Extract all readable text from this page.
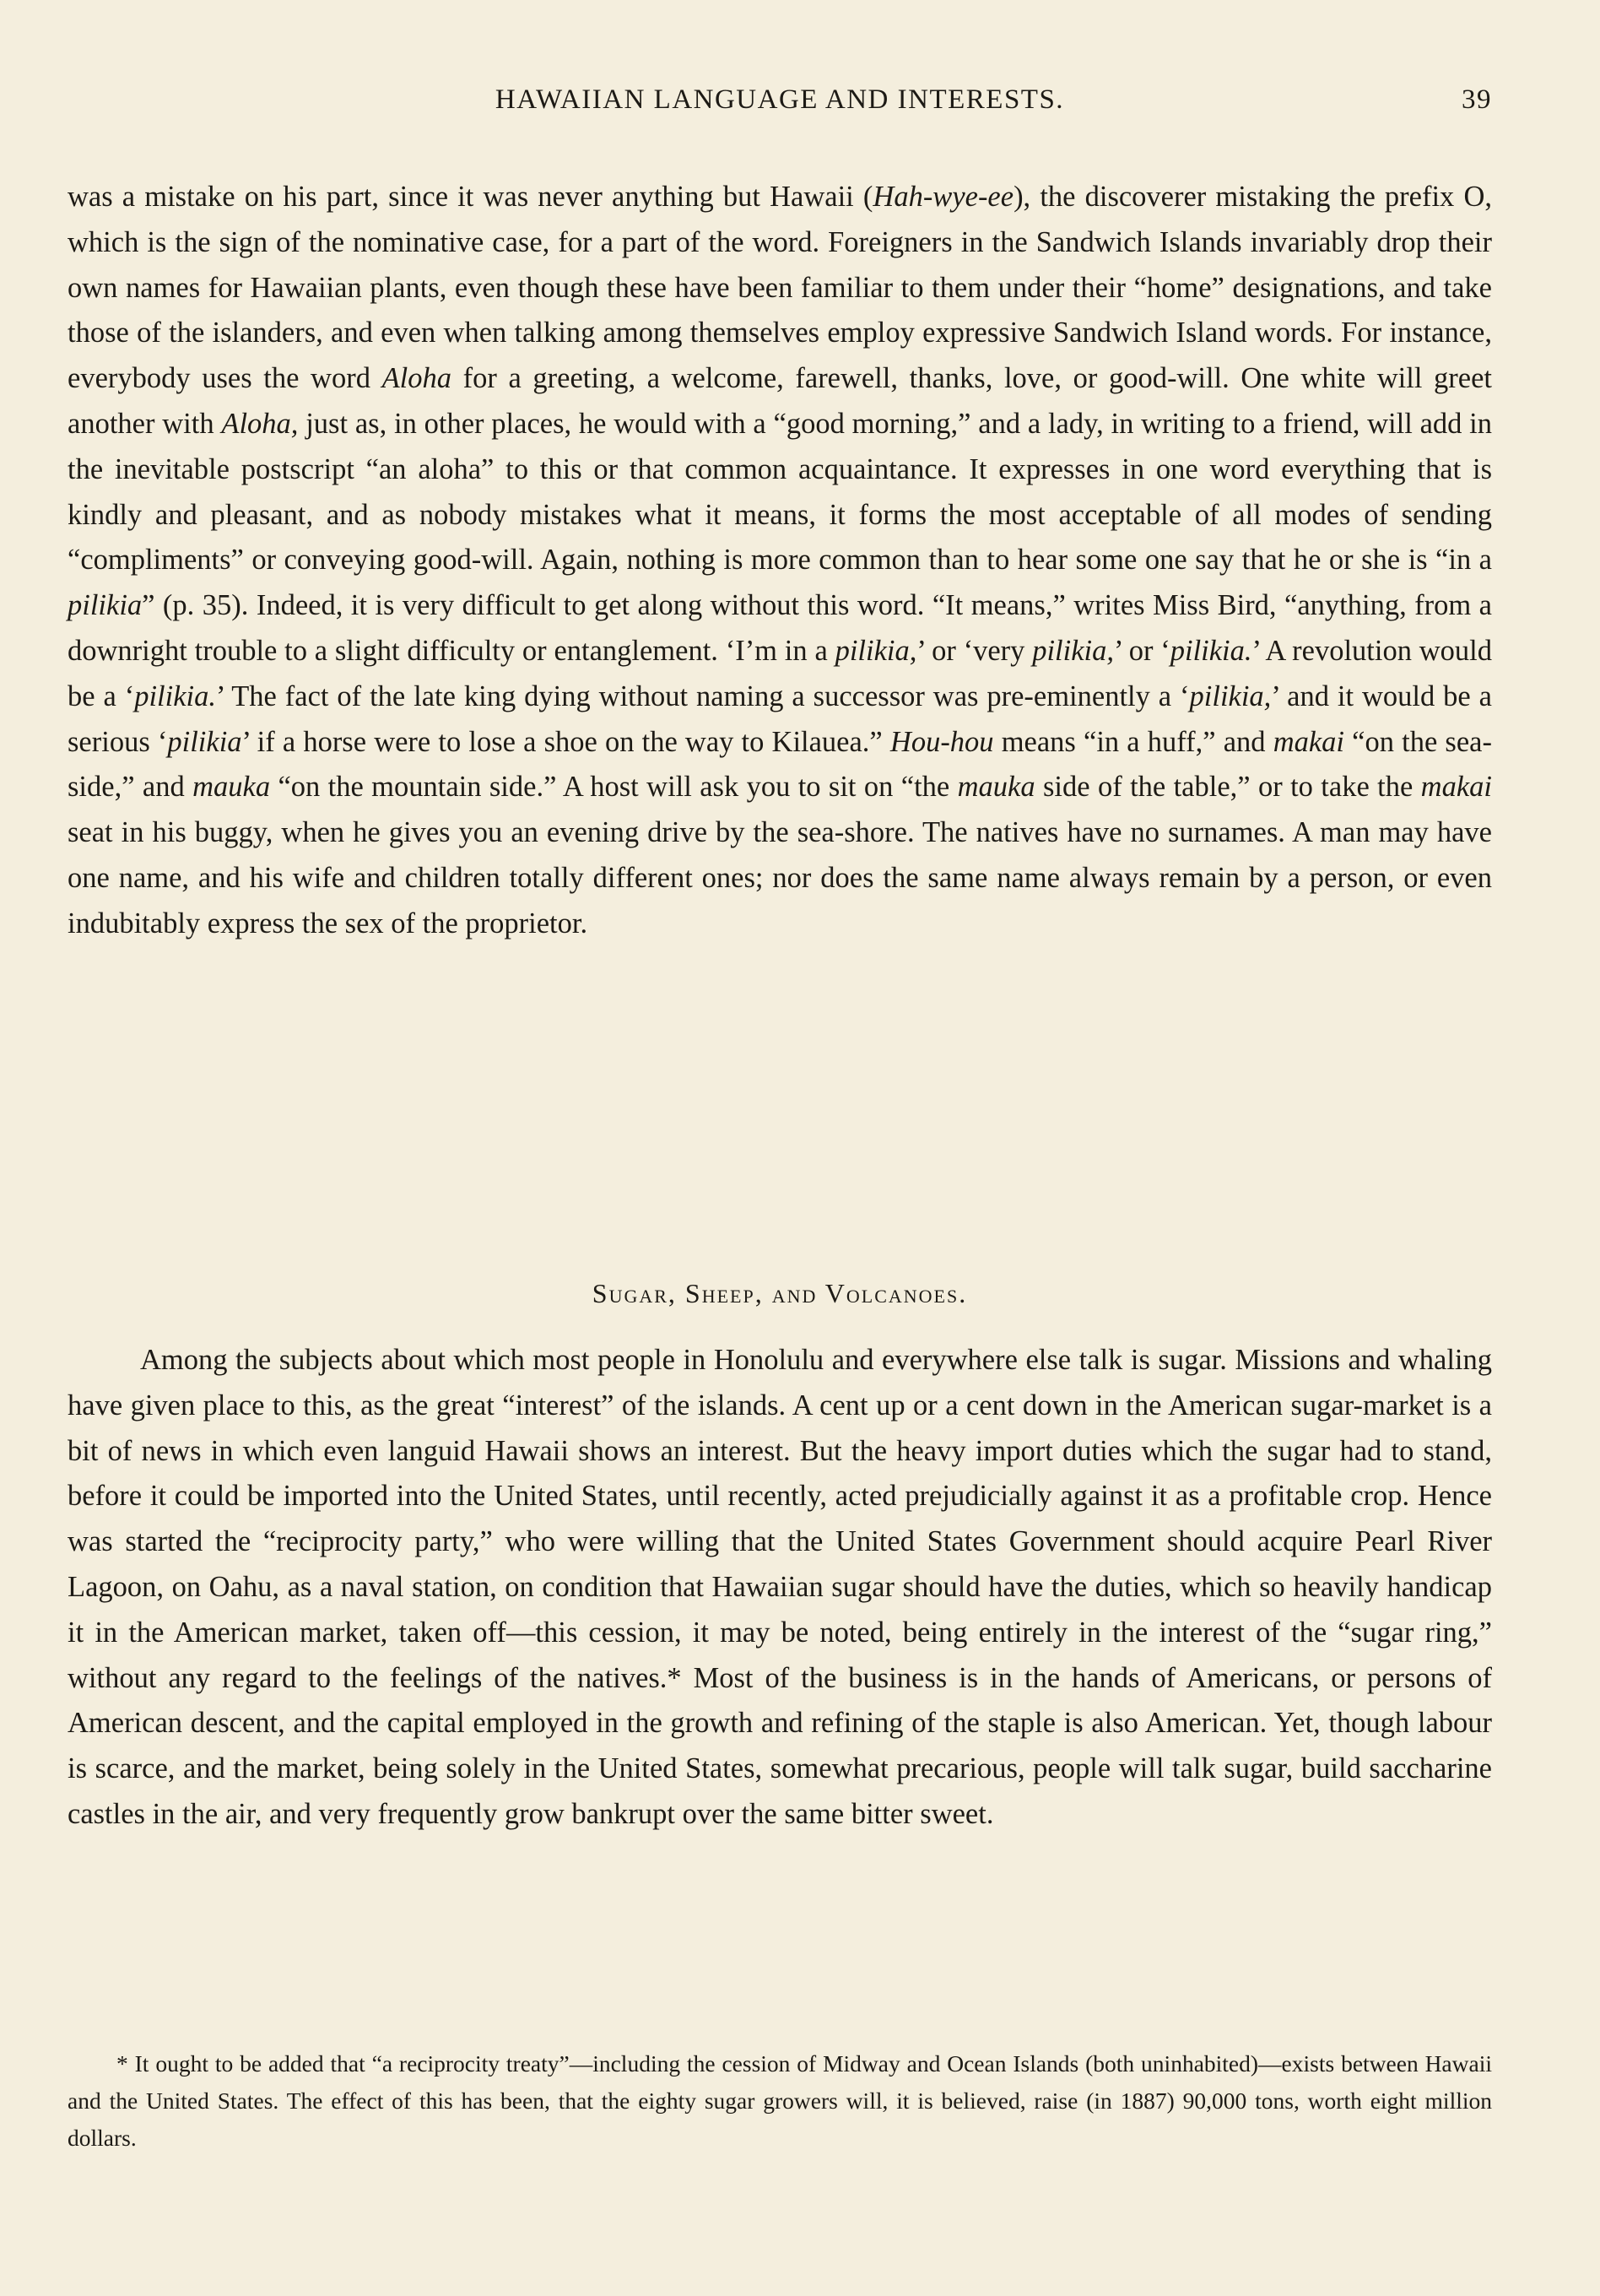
HAWAIIAN LANGUAGE AND INTERESTS.	39

was a mistake on his part, since it was never anything but Hawaii (Hah-wye-ee), the discoverer mistaking the prefix O, which is the sign of the nominative case, for a part of the word. Foreigners in the Sandwich Islands invariably drop their own names for Hawaiian plants, even though these have been familiar to them under their “home” designations, and take those of the islanders, and even when talking among themselves employ expressive Sandwich Island words. For instance, everybody uses the word Aloha for a greeting, a welcome, farewell, thanks, love, or good-will. One white will greet another with Aloha, just as, in other places, he would with a “good morning,” and a lady, in writing to a friend, will add in the inevitable postscript “an aloha” to this or that common acquaintance. It expresses in one word everything that is kindly and pleasant, and as nobody mistakes what it means, it forms the most acceptable of all modes of sending “compliments” or conveying good-will. Again, nothing is more common than to hear some one say that he or she is “in a pilikia” (p. 35). Indeed, it is very difficult to get along without this word. “It means,” writes Miss Bird, “anything, from a downright trouble to a slight difficulty or entanglement. ‘I’m in a pilikia,’ or ‘very pilikia,’ or ‘pilikia.’ A revolution would be a ‘pilikia.’ The fact of the late king dying without naming a successor was pre-eminently a ‘pilikia,’ and it would be a serious ‘pilikia’ if a horse were to lose a shoe on the way to Kilauea.” Hou-hou means “in a huff,” and makai “on the sea-side,” and mauka “on the mountain side.” A host will ask you to sit on “the mauka side of the table,” or to take the makai seat in his buggy, when he gives you an evening drive by the sea-shore. The natives have no surnames. A man may have one name, and his wife and children totally different ones; nor does the same name always remain by a person, or even indubitably express the sex of the proprietor.

Sugar, Sheep, and Volcanoes.

Among the subjects about which most people in Honolulu and everywhere else talk is sugar. Missions and whaling have given place to this, as the great “interest” of the islands. A cent up or a cent down in the American sugar-market is a bit of news in which even languid Hawaii shows an interest. But the heavy import duties which the sugar had to stand, before it could be imported into the United States, until recently, acted prejudicially against it as a profitable crop. Hence was started the “reciprocity party,” who were willing that the United States Government should acquire Pearl River Lagoon, on Oahu, as a naval station, on condition that Hawaiian sugar should have the duties, which so heavily handicap it in the American market, taken off—this cession, it may be noted, being entirely in the interest of the “sugar ring,” without any regard to the feelings of the natives.* Most of the business is in the hands of Americans, or persons of American descent, and the capital employed in the growth and refining of the staple is also American. Yet, though labour is scarce, and the market, being solely in the United States, somewhat precarious, people will talk sugar, build saccharine castles in the air, and very frequently grow bankrupt over the same bitter sweet.

* It ought to be added that “a reciprocity treaty”—including the cession of Midway and Ocean Islands (both uninhabited)—exists between Hawaii and the United States. The effect of this has been, that the eighty sugar growers will, it is believed, raise (in 1887) 90,000 tons, worth eight million dollars.
